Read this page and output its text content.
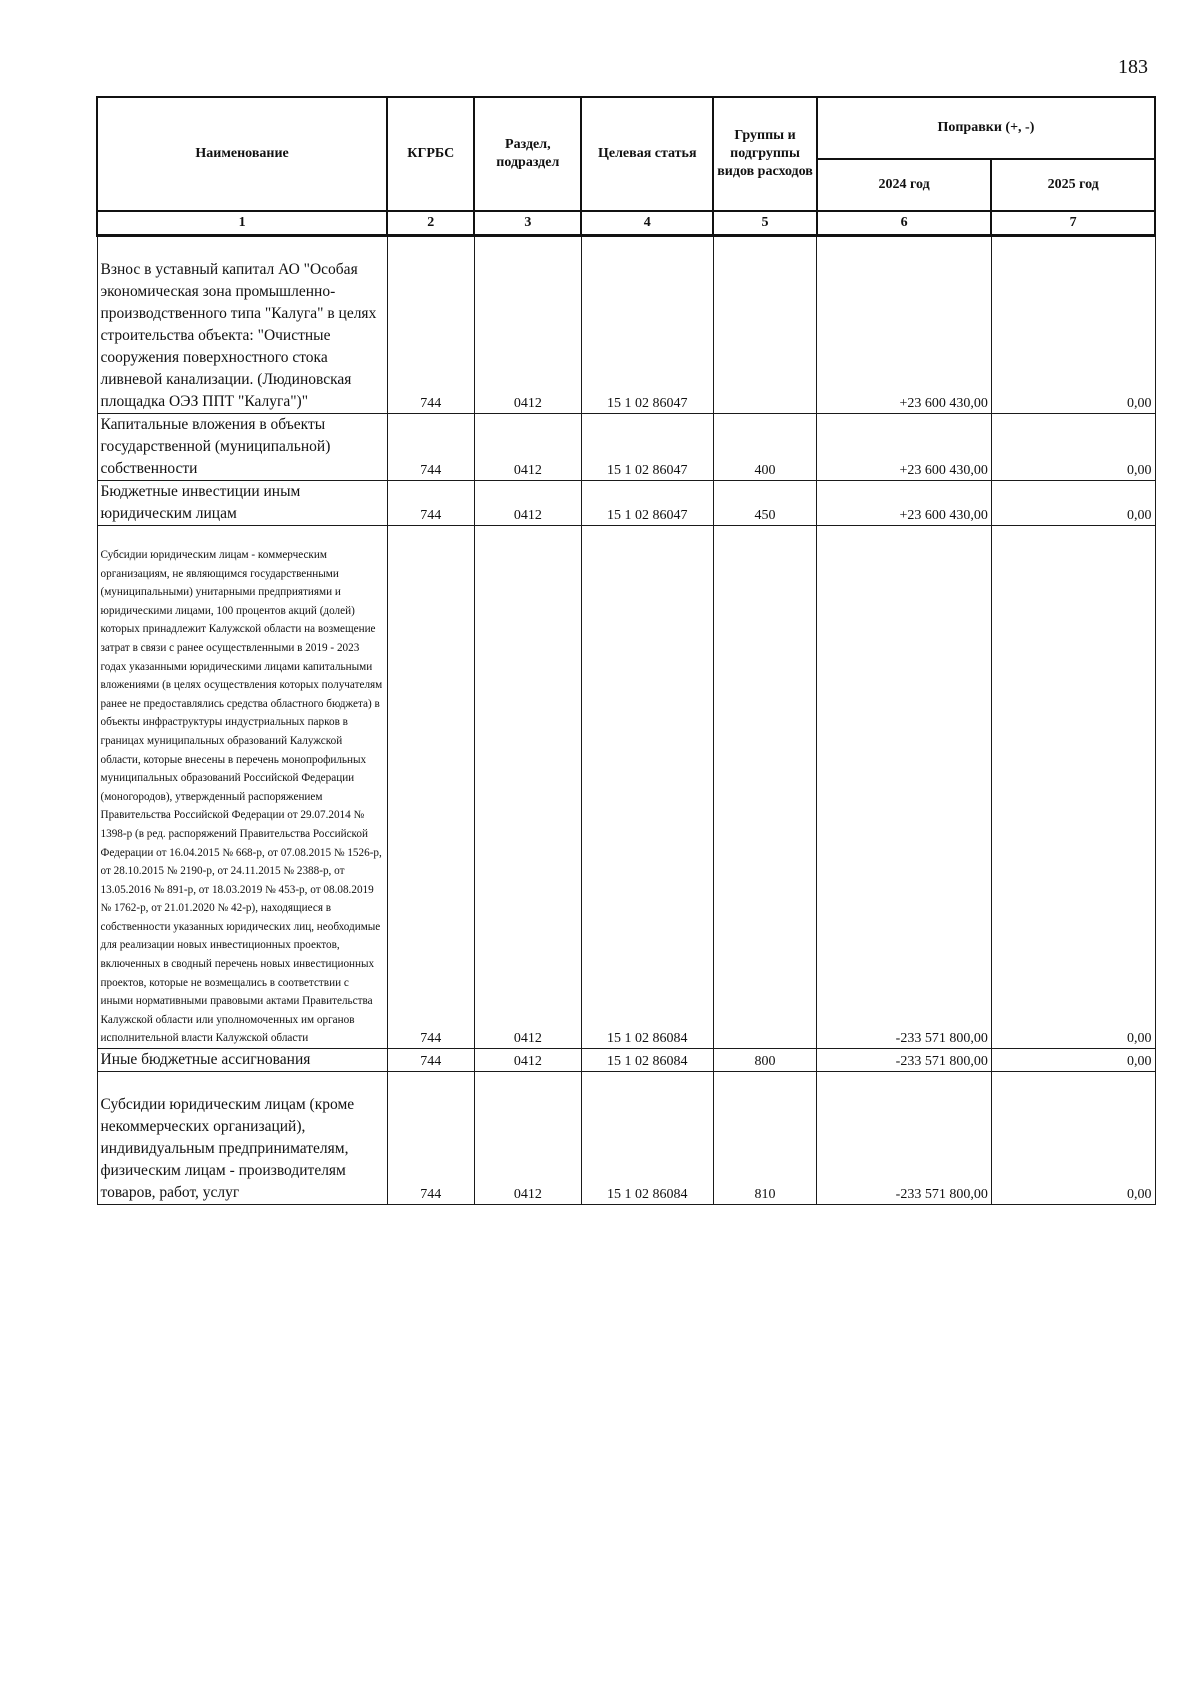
183
Наименование	КГРБС	Раздел, подраздел	Целевая статья	Группы и подгруппы видов расходов	Поправки (+, -)	
					2024 год	2025 год
1	2	3	4	5	6	7
Взнос в уставный капитал АО "Особая экономическая зона промышленно-производственного типа "Калуга" в целях строительства объекта: "Очистные сооружения поверхностного стока ливневой канализации. (Людиновская площадка ОЭЗ ППТ "Калуга")"	744	0412	15 1 02 86047		+23 600 430,00	0,00
Капитальные вложения в объекты государственной (муниципальной) собственности	744	0412	15 1 02 86047	400	+23 600 430,00	0,00
Бюджетные инвестиции иным юридическим лицам	744	0412	15 1 02 86047	450	+23 600 430,00	0,00
Субсидии юридическим лицам - коммерческим организациям, не являющимся государственными (муниципальными) унитарными предприятиями и юридическими лицами, 100 процентов акций (долей) которых принадлежит Калужской области на возмещение затрат в связи с ранее осуществленными в 2019 - 2023 годах указанными юридическими лицами капитальными вложениями (в целях осуществления которых получателям ранее не предоставлялись средства областного бюджета) в объекты инфраструктуры индустриальных парков в границах муниципальных образований Калужской области, которые внесены в перечень монопрофильных муниципальных образований Российской Федерации (моногородов), утвержденный распоряжением Правительства Российской Федерации от 29.07.2014 № 1398-р (в ред. распоряжений Правительства Российской Федерации от 16.04.2015 № 668-р, от 07.08.2015 № 1526-р, от 28.10.2015 № 2190-р, от 24.11.2015 № 2388-р, от 13.05.2016 № 891-р, от 18.03.2019 № 453-р, от 08.08.2019 № 1762-р, от 21.01.2020 № 42-р), находящиеся в собственности указанных юридических лиц, необходимые для реализации новых инвестиционных проектов, включенных в сводный перечень новых инвестиционных проектов, которые не возмещались в соответствии с иными нормативными правовыми актами Правительства Калужской области или уполномоченных им органов исполнительной власти Калужской области	744	0412	15 1 02 86084		-233 571 800,00	0,00
Иные бюджетные ассигнования	744	0412	15 1 02 86084	800	-233 571 800,00	0,00
Субсидии юридическим лицам (кроме некоммерческих организаций), индивидуальным предпринимателям, физическим лицам - производителям товаров, работ, услуг	744	0412	15 1 02 86084	810	-233 571 800,00	0,00
